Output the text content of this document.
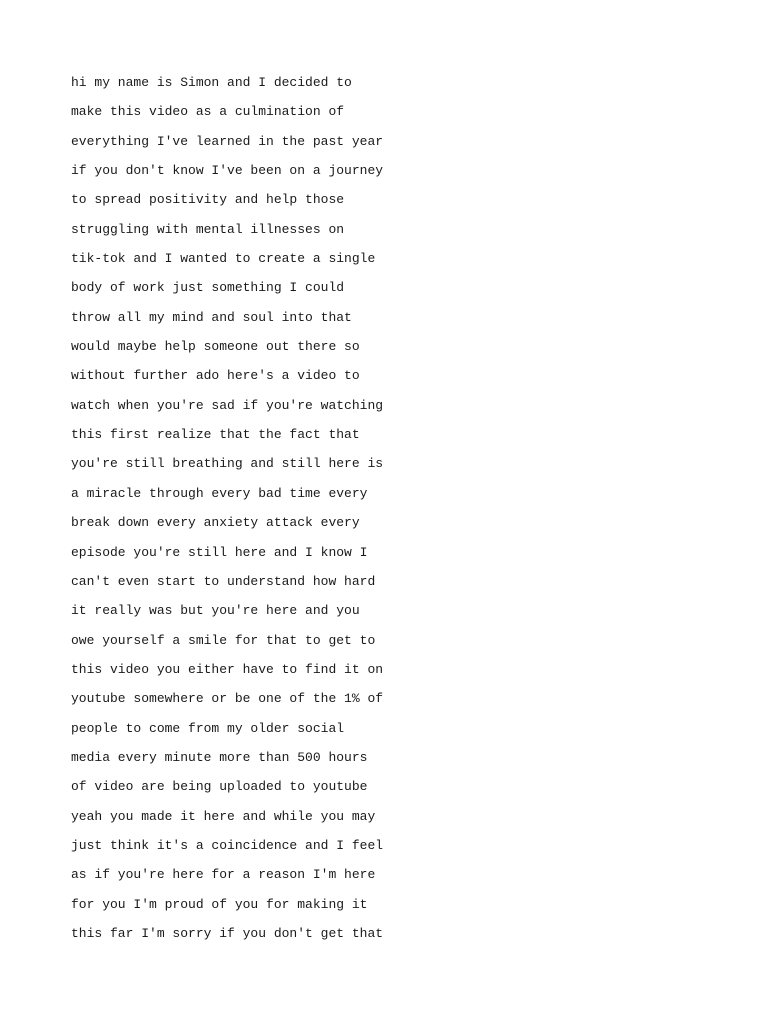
hi my name is Simon and I decided to
make this video as a culmination of
everything I've learned in the past year
if you don't know I've been on a journey
to spread positivity and help those
struggling with mental illnesses on
tik-tok and I wanted to create a single
body of work just something I could
throw all my mind and soul into that
would maybe help someone out there so
without further ado here's a video to
watch when you're sad if you're watching
this first realize that the fact that
you're still breathing and still here is
a miracle through every bad time every
break down every anxiety attack every
episode you're still here and I know I
can't even start to understand how hard
it really was but you're here and you
owe yourself a smile for that to get to
this video you either have to find it on
youtube somewhere or be one of the 1% of
people to come from my older social
media every minute more than 500 hours
of video are being uploaded to youtube
yeah you made it here and while you may
just think it's a coincidence and I feel
as if you're here for a reason I'm here
for you I'm proud of you for making it
this far I'm sorry if you don't get that
